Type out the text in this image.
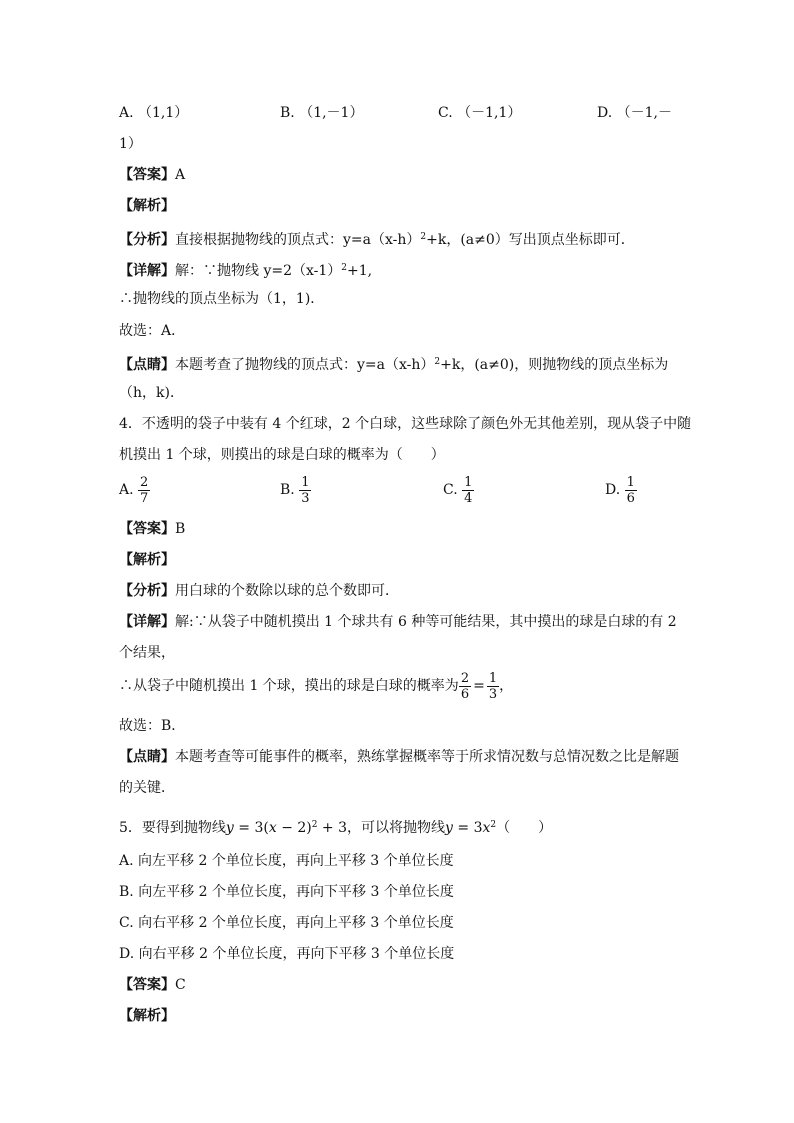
A. （1,1）	B. （1,－1）	C. （－1,1）	D. （－1,－
1）
【答案】A
【解析】
【分析】直接根据抛物线的顶点式：$y=a(x-h)^2+k$，(a≠0）写出顶点坐标即可．
【详解】解：∵抛物线 $y=2(x-1)^2+1$,
∴抛物线的顶点坐标为（1，1)．
故选：A．
【点睛】本题考查了抛物线的顶点式：$y=a(x-h)^2+k$，(a≠0)，则抛物线的顶点坐标为
（h，k)．
4．不透明的袋子中装有 4 个红球，2 个白球，这些球除了颜色外无其他差别，现从袋子中随
机摸出 1 个球，则摸出的球是白球的概率为（　　）
A.
$\frac{2}{7}$	B.
$\frac{1}{3}$	C.
$\frac{1}{4}$	D.
$\frac{1}{6}$
【答案】B
【解析】
【分析】用白球的个数除以球的总个数即可．
【详解】解:∵从袋子中随机摸出 1 个球共有 6 种等可能结果，其中摸出的球是白球的有 2
个结果，
∴从袋子中随机摸出 1 个球，摸出的球是白球的概率为 $\frac{2}{6} = \frac{1}{3}$ ，
故选：B．
【点睛】本题考查等可能事件的概率，熟练掌握概率等于所求情况数与总情况数之比是解题
的关键．
5．要得到抛物线$y = 3(x - 2)^2 + 3$，可以将抛物线$y = 3x^2$（　　）
A. 向左平移 2 个单位长度，再向上平移 3 个单位长度
B. 向左平移 2 个单位长度，再向下平移 3 个单位长度
C. 向右平移 2 个单位长度，再向上平移 3 个单位长度
D. 向右平移 2 个单位长度，再向下平移 3 个单位长度
【答案】C
【解析】
